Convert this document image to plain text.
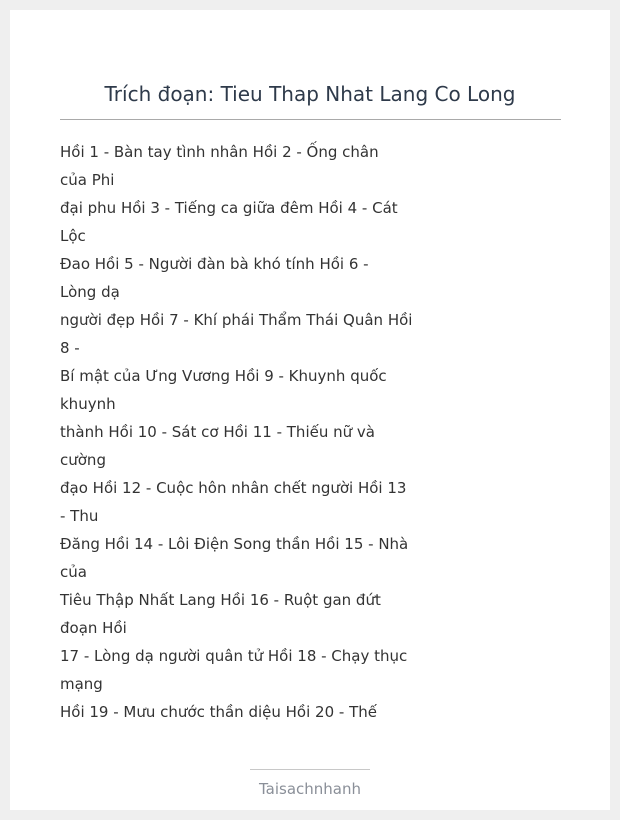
Trích đoạn: Tieu Thap Nhat Lang Co Long
Hồi 1 - Bàn tay tình nhân Hồi 2 - Ống chân
của Phi
đại phu Hồi 3 - Tiếng ca giữa đêm Hồi 4 - Cát
Lộc
Đao Hồi 5 - Người đàn bà khó tính Hồi 6 -
Lòng dạ
người đẹp Hồi 7 - Khí phái Thẩm Thái Quân Hồi
8 -
Bí mật của Ưng Vương Hồi 9 - Khuynh quốc
khuynh
thành Hồi 10 - Sát cơ Hồi 11 - Thiếu nữ và
cường
đạo Hồi 12 - Cuộc hôn nhân chết người Hồi 13
- Thu
Đăng Hồi 14 - Lôi Điện Song thần Hồi 15 - Nhà
của
Tiêu Thập Nhất Lang Hồi 16 - Ruột gan đứt
đoạn Hồi
17 - Lòng dạ người quân tử Hồi 18 - Chạy thục
mạng
Hồi 19 - Mưu chước thần diệu Hồi 20 - Thế
Taisachnhanh
